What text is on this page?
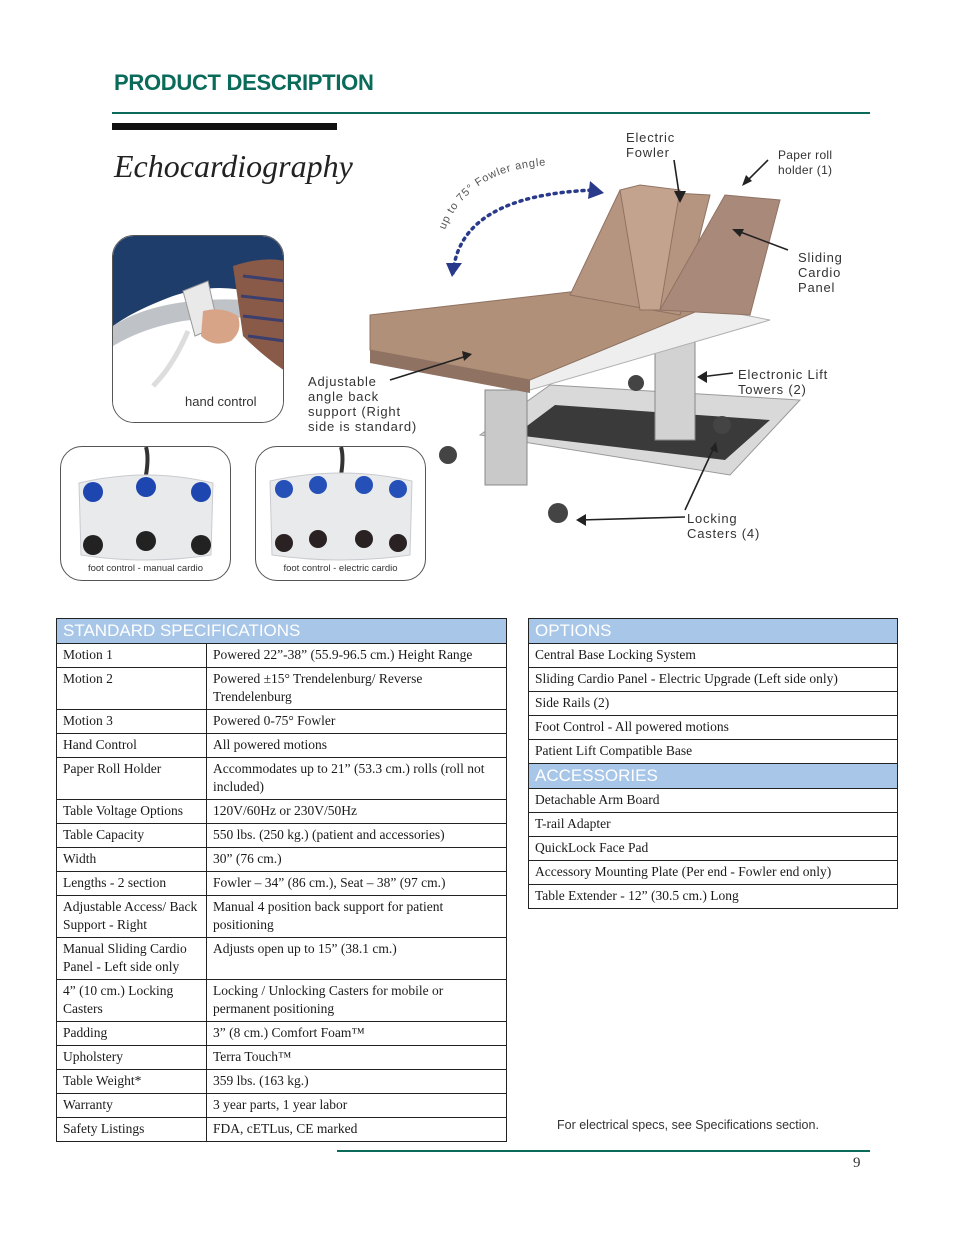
PRODUCT DESCRIPTION
Echocardiography
hand control
foot control - manual cardio	foot control - electric cardio
up to 75° Fowler angle
Electric
Fowler	Paper roll
holder (1)
Sliding
Cardio
Panel
Adjustable
angle back
support (Right
side is standard)
Electronic Lift
Towers (2)
Locking
Casters (4)
STANDARD SPECIFICATIONS	
Motion 1	Powered 22”-38” (55.9-96.5 cm.) Height Range
Motion 2	Powered ±15° Trendelenburg/ Reverse Trendelenburg
Motion 3	Powered 0-75° Fowler
Hand Control	All powered motions
Paper Roll Holder	Accommodates up to 21” (53.3 cm.) rolls (roll not included)
Table Voltage Options	120V/60Hz or 230V/50Hz
Table Capacity	550 lbs. (250 kg.) (patient and accessories)
Width	30” (76 cm.)
Lengths - 2 section	Fowler – 34” (86 cm.), Seat – 38” (97 cm.)
Adjustable Access/ Back Support - Right	Manual 4 position back support for patient positioning
Manual Sliding Cardio Panel - Left side only	Adjusts open up to 15” (38.1 cm.)
4” (10 cm.) Locking Casters	Locking / Unlocking Casters for mobile or permanent positioning
Padding	3” (8 cm.) Comfort Foam™
Upholstery	Terra Touch™
Table Weight*	359 lbs. (163 kg.)
Warranty	3 year parts, 1 year labor
Safety Listings	FDA, cETLus, CE marked
OPTIONS
Central Base Locking System
Sliding Cardio Panel - Electric Upgrade (Left side only)
Side Rails (2)
Foot Control - All powered motions
Patient Lift Compatible Base
ACCESSORIES
Detachable Arm Board
T-rail Adapter
QuickLock Face Pad
Accessory Mounting Plate (Per end - Fowler end only)
Table Extender - 12” (30.5 cm.) Long
For electrical specs, see Specifications section.
9
